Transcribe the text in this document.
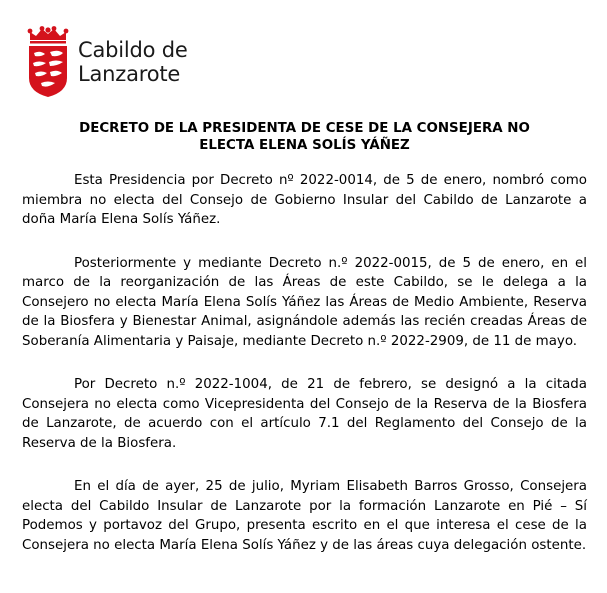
Cabildo de
Lanzarote
DECRETO DE LA PRESIDENTA DE CESE DE LA CONSEJERA NO
ELECTA ELENA SOLÍS YÁÑEZ

Esta Presidencia por Decreto nº 2022-0014, de 5 de enero, nombró como miembra no electa del Consejo de Gobierno Insular del Cabildo de Lanzarote a doña María Elena Solís Yáñez.

Posteriormente y mediante Decreto n.º 2022-0015, de 5 de enero, en el marco de la reorganización de las Áreas de este Cabildo, se le delega a la Consejero no electa María Elena Solís Yáñez las Áreas de Medio Ambiente, Reserva de la Biosfera y Bienestar Animal, asignándole además las recién creadas Áreas de Soberanía Alimentaria y Paisaje, mediante Decreto n.º 2022-2909, de 11 de mayo.

Por Decreto n.º 2022-1004, de 21 de febrero, se designó a la citada Consejera no electa como Vicepresidenta del Consejo de la Reserva de la Biosfera de Lanzarote, de acuerdo con el artículo 7.1 del Reglamento del Consejo de la Reserva de la Biosfera.

En el día de ayer, 25 de julio, Myriam Elisabeth Barros Grosso, Consejera electa del Cabildo Insular de Lanzarote por la formación Lanzarote en Pié – Sí Podemos y portavoz del Grupo, presenta escrito en el que interesa el cese de la Consejera no electa María Elena Solís Yáñez y de las áreas cuya delegación ostente.
